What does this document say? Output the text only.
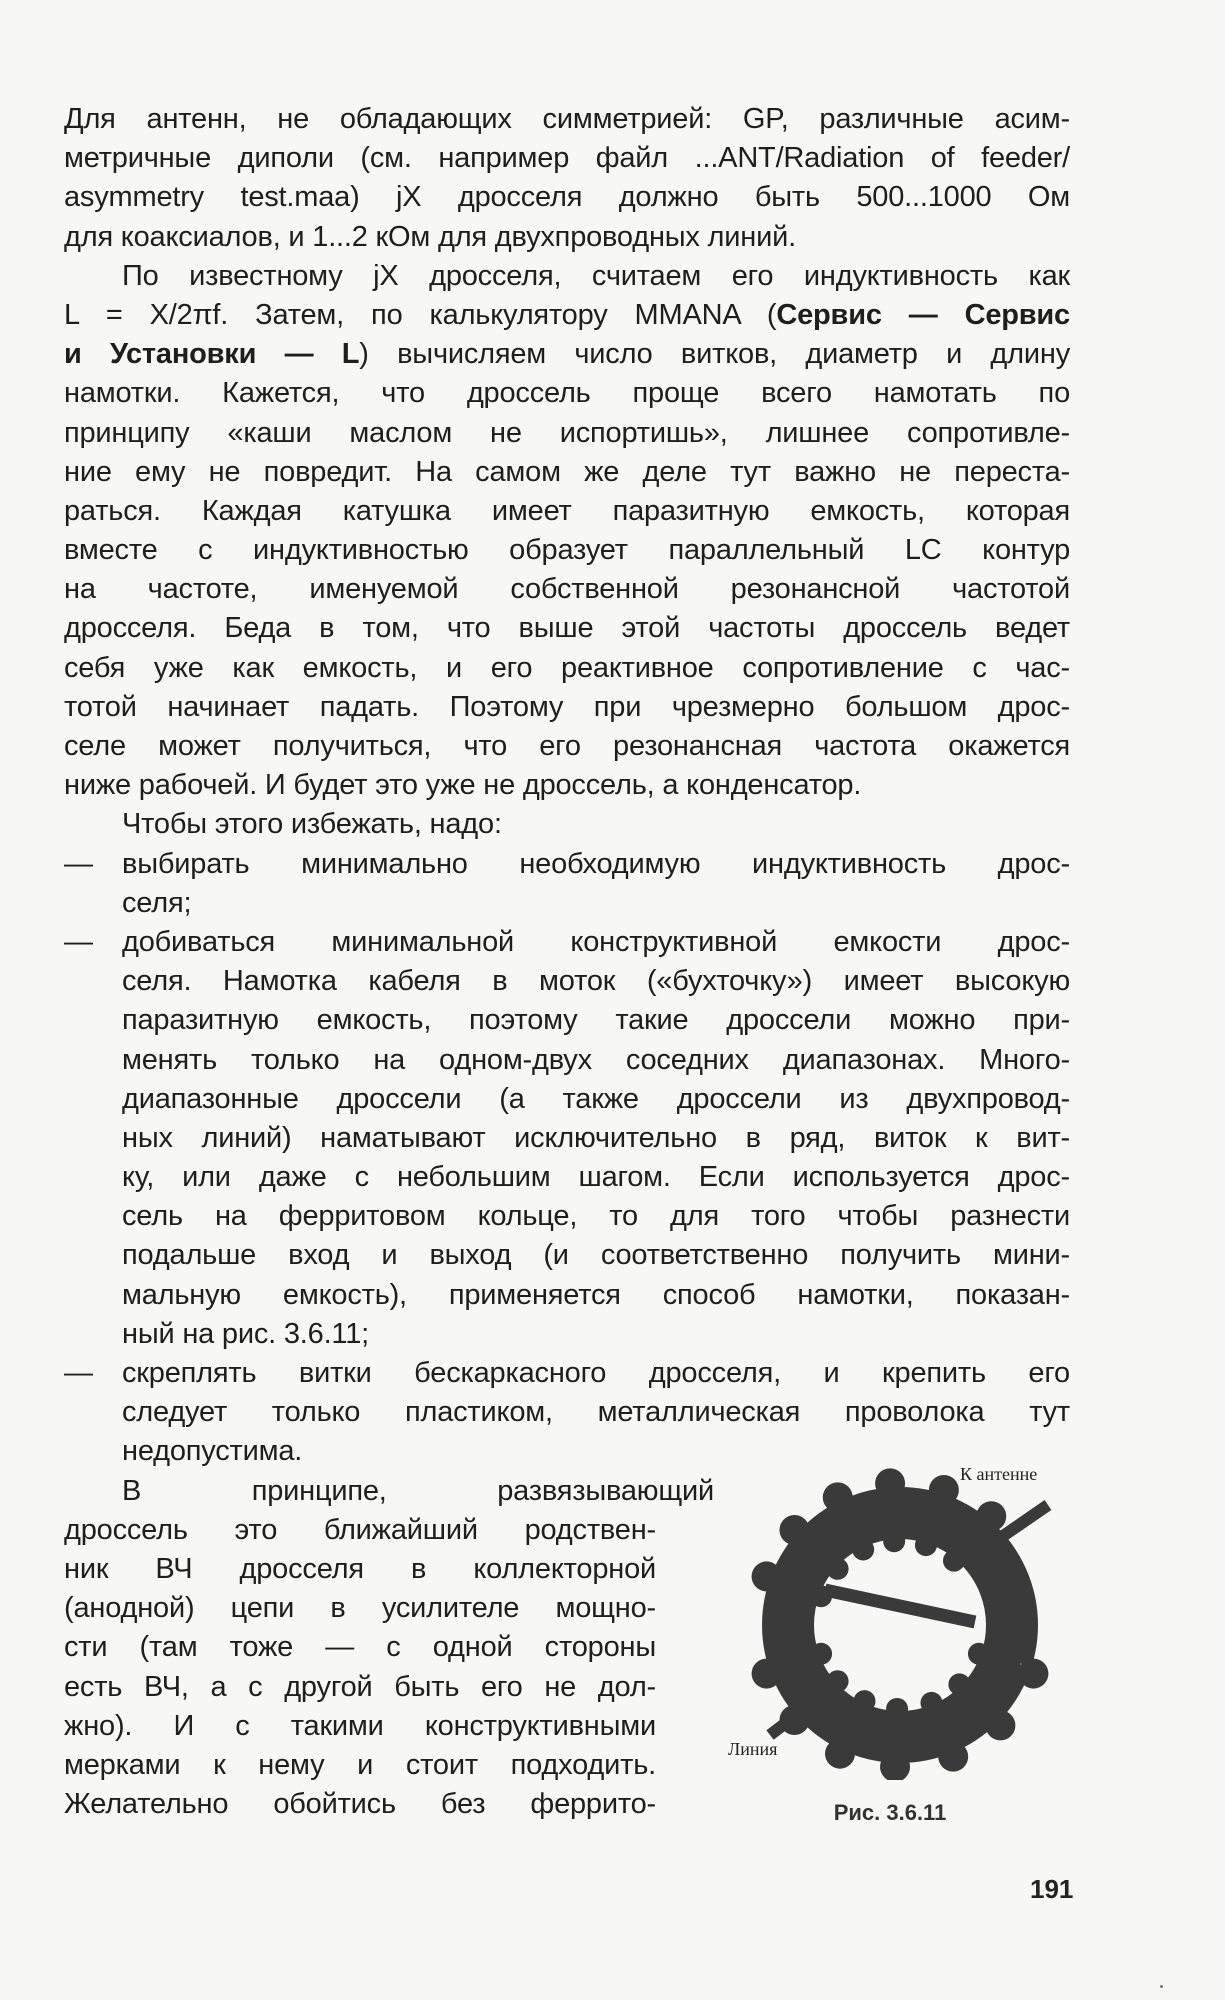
Для антенн, не обладающих симметрией: GP, различные асим-
метричные диполи (см. например файл ...ANT/Radiation of feeder/
asymmetry test.maa) jX дросселя должно быть 500...1000 Ом
для коаксиалов, и 1...2 кОм для двухпроводных линий.
По известному jX дросселя, считаем его индуктивность как
L = X/2πf. Затем, по калькулятору MMANA (Сервис — Сервис
и Установки — L) вычисляем число витков, диаметр и длину
намотки. Кажется, что дроссель проще всего намотать по
принципу «каши маслом не испортишь», лишнее сопротивле-
ние ему не повредит. На самом же деле тут важно не переста-
раться. Каждая катушка имеет паразитную емкость, которая
вместе с индуктивностью образует параллельный LC контур
на частоте, именуемой собственной резонансной частотой
дросселя. Беда в том, что выше этой частоты дроссель ведет
себя уже как емкость, и его реактивное сопротивление с час-
тотой начинает падать. Поэтому при чрезмерно большом дрос-
селе может получиться, что его резонансная частота окажется
ниже рабочей. И будет это уже не дроссель, а конденсатор.
Чтобы этого избежать, надо:
— выбирать минимально необходимую индуктивность дрос-
селя;
— добиваться минимальной конструктивной емкости дрос-
селя. Намотка кабеля в моток («бухточку») имеет высокую
паразитную емкость, поэтому такие дроссели можно при-
менять только на одном-двух соседних диапазонах. Много-
диапазонные дроссели (а также дроссели из двухпровод-
ных линий) наматывают исключительно в ряд, виток к вит-
ку, или даже с небольшим шагом. Если используется дрос-
сель на ферритовом кольце, то для того чтобы разнести
подальше вход и выход (и соответственно получить мини-
мальную емкость), применяется способ намотки, показан-
ный на рис. 3.6.11;
— скреплять витки бескаркасного дросселя, и крепить его
следует только пластиком, металлическая проволока тут
недопустима.
В принципе, развязывающий
дроссель это ближайший родствен-
ник ВЧ дросселя в коллекторной
(анодной) цепи в усилителе мощно-
сти (там тоже — с одной стороны
есть ВЧ, а с другой быть его не дол-
жно). И с такими конструктивными
мерками к нему и стоит подходить.
Желательно обойтись без феррито-
К антенне
Линия
Рис. 3.6.11
191
